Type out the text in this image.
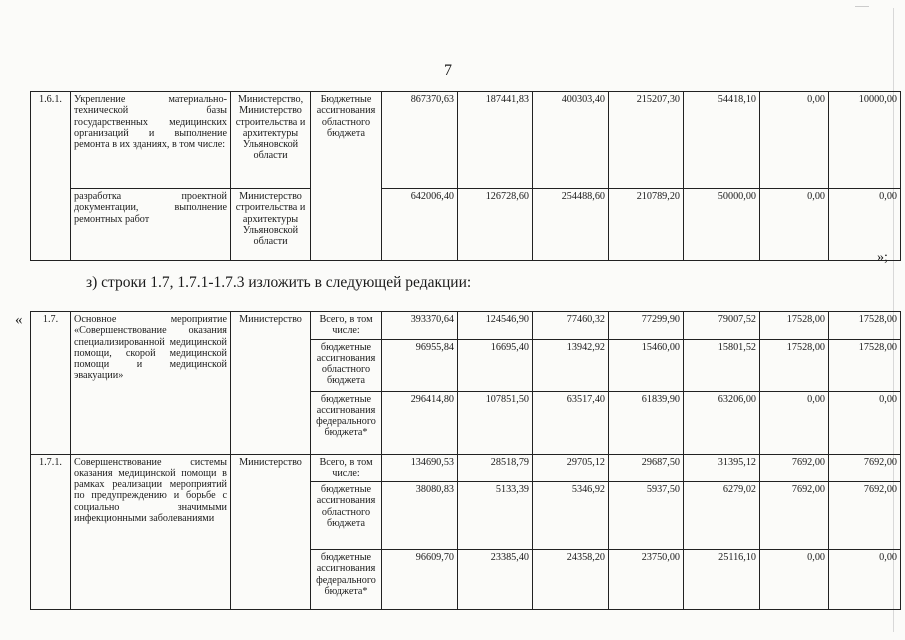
7
1.6.1.	Укрепление материально-технической базы государственных медицинских организаций и выполнение ремонта в их зданиях, в том числе:	Министерство, Министерство строительства и архитектуры Ульяновской области	Бюджетные ассигнования областного бюджета	867370,63	187441,83	400303,40	215207,30	54418,10	0,00	10000,00
	разработка проектной документации, выполнение ремонтных работ	Министерство строительства и архитектуры Ульяновской области		642006,40	126728,60	254488,60	210789,20	50000,00	0,00	0,00
»;
з) строки 1.7, 1.7.1-1.7.3 изложить в следующей редакции:
« 1.7.	Основное мероприятие «Совершенствование оказания специализированной медицинской помощи, скорой медицинской помощи и медицинской эвакуации»	Министерство	Всего, в том числе:	393370,64	124546,90	77460,32	77299,90	79007,52	17528,00	17528,00
			бюджетные ассигнования областного бюджета	96955,84	16695,40	13942,92	15460,00	15801,52	17528,00	17528,00
			бюджетные ассигнования федерального бюджета*	296414,80	107851,50	63517,40	61839,90	63206,00	0,00	0,00
1.7.1.	Совершенствование системы оказания медицинской помощи в рамках реализации мероприятий по предупреждению и борьбе с социально значимыми инфекционными заболеваниями	Министерство	Всего, в том числе:	134690,53	28518,79	29705,12	29687,50	31395,12	7692,00	7692,00
			бюджетные ассигнования областного бюджета	38080,83	5133,39	5346,92	5937,50	6279,02	7692,00	7692,00
			бюджетные ассигнования федерального бюджета*	96609,70	23385,40	24358,20	23750,00	25116,10	0,00	0,00
